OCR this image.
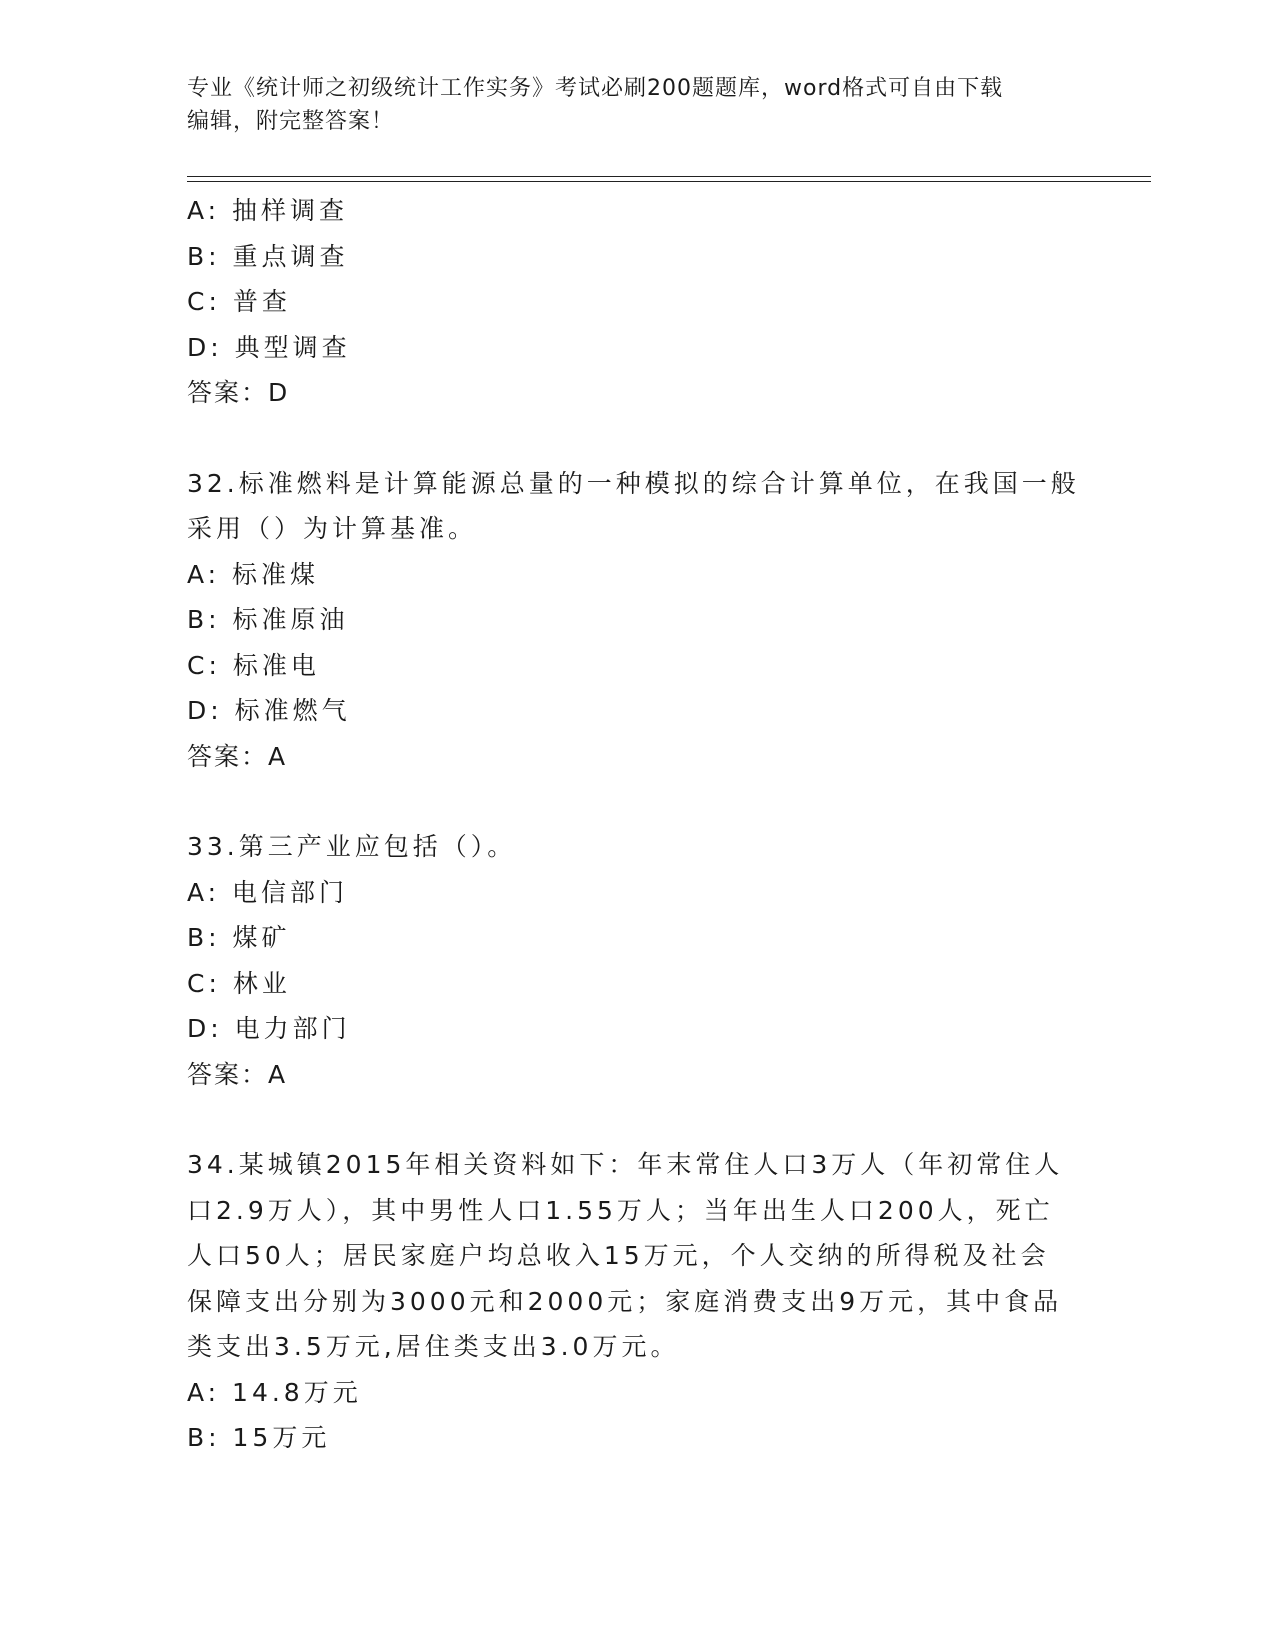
专业《统计师之初级统计工作实务》考试必刷200题题库，word格式可自由下载
编辑，附完整答案！
A: 抽样调查
B: 重点调查
C: 普查
D: 典型调查
答案：D
32.标准燃料是计算能源总量的一种模拟的综合计算单位，在我国一般
采用（）为计算基准。
A: 标准煤
B: 标准原油
C: 标准电
D: 标准燃气
答案：A
33.第三产业应包括（）。
A: 电信部门
B: 煤矿
C: 林业
D: 电力部门
答案：A
34.某城镇2015年相关资料如下：年末常住人口3万人（年初常住人
口2.9万人），其中男性人口1.55万人；当年出生人口200人，死亡
人口50人；居民家庭户均总收入15万元，个人交纳的所得税及社会
保障支出分别为3000元和2000元；家庭消费支出9万元，其中食品
类支出3.5万元,居住类支出3.0万元。
A: 14.8万元
B: 15万元
